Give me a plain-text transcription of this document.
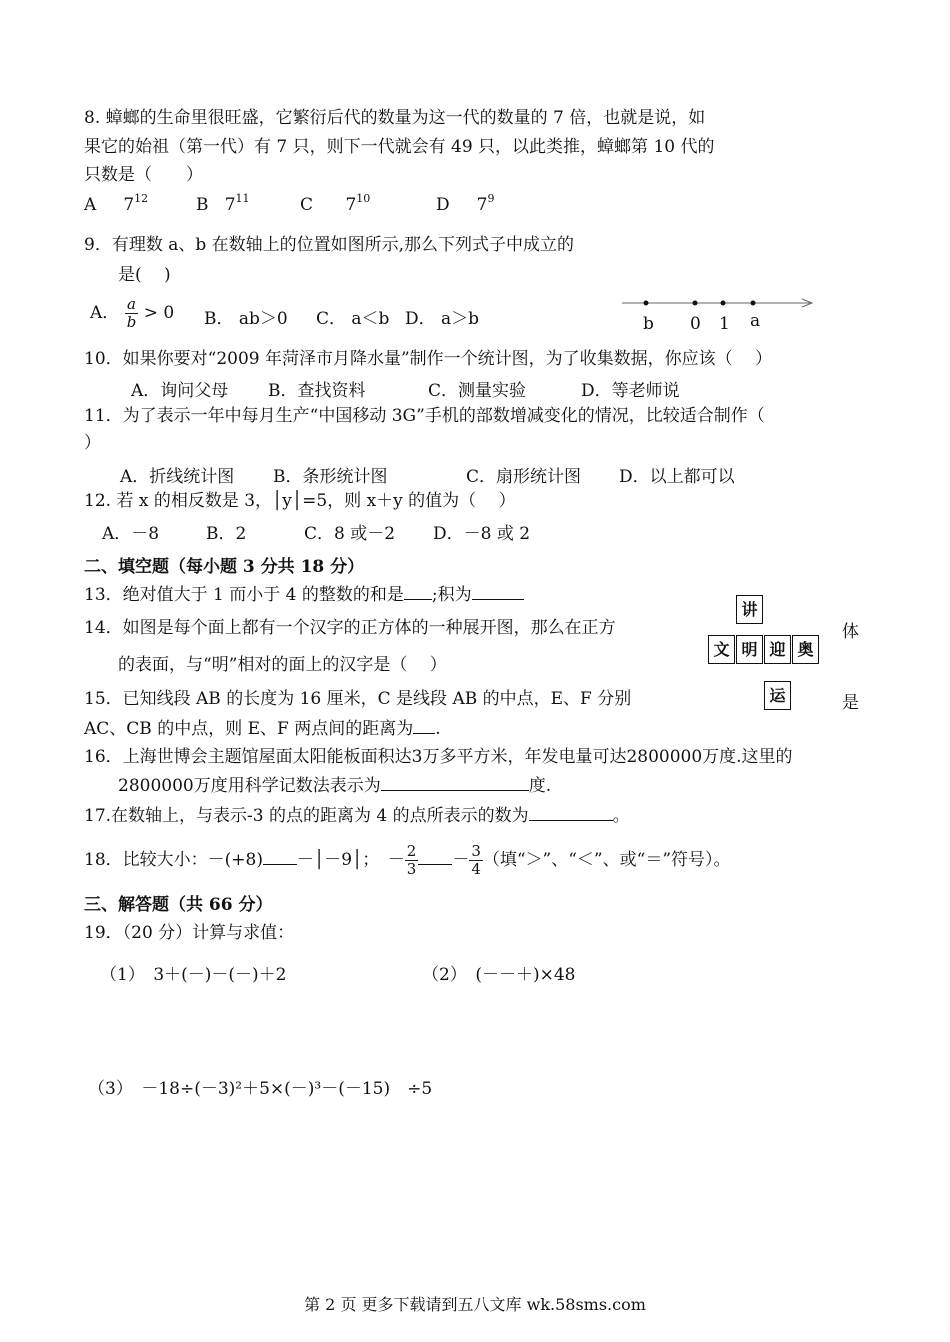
8. 蟑螂的生命里很旺盛，它繁衍后代的数量为这一代的数量的 7 倍，也就是说，如
果它的始祖（第一代）有 7 只，则下一代就会有 49 只，以此类推，蟑螂第 10 代的
只数是（　　）
A $7^{12}$	B $7^{11}$	C $7^{10}$	D $7^9$
9．有理数 a、b 在数轴上的位置如图所示,那么下列式子中成立的
是(　 )
A． $\frac{a}{b} > 0$ B． ab＞0 C． a＜b D． a＞b	b 0 1 a
10．如果你要对“2009 年菏泽市月降水量”制作一个统计图，为了收集数据，你应该（　 ）
A．询问父母 B．查找资料	C．测量实验	D．等老师说
11．为了表示一年中每月生产“中国移动 3G”手机的部数增减变化的情况，比较适合制作（
）
A．折线统计图 B．条形统计图	C．扇形统计图 D．以上都可以
12. 若 x 的相反数是 3，│y│=5，则 x＋y 的值为（　 ）
A．－8	B．2	C．8 或－2 D．－8 或 2
二、填空题（每小题 3 分共 18 分）
13．绝对值大于 1 而小于 4 的整数的和是 ;积为
14．如图是每个面上都有一个汉字的正方体的一种展开图，那么在正方	体
的表面，与“明”相对的面上的汉字是（　 ）
讲
文 明 迎 奥
运
15．已知线段 AB 的长度为 16 厘米，C 是线段 AB 的中点，E、F 分别	是
AC、CB 的中点，则 E、F 两点间的距离为 .
16．上海世博会主题馆屋面太阳能板面积达3万多平方米，年发电量可达2800000万度.这里的
2800000万度用科学记数法表示为	度.
17.在数轴上，与表示-3 的点的距离为 4 的点所表示的数为	。
18．比较大小：－(+8) －│－9│；　－ $\frac{2}{3} - \frac{3}{4}$ （填“＞”、“＜”、或“＝”符号）。
三、解答题（共 66 分）
19．（20 分）计算与求值：
（1）　3＋(－)－(－)＋2	（2）　(－－＋)×48
（3）　－18÷(－3)²＋5×(－)³－(－15)　÷5
第 2 页 更多下载请到五八文库 wk.58sms.com
